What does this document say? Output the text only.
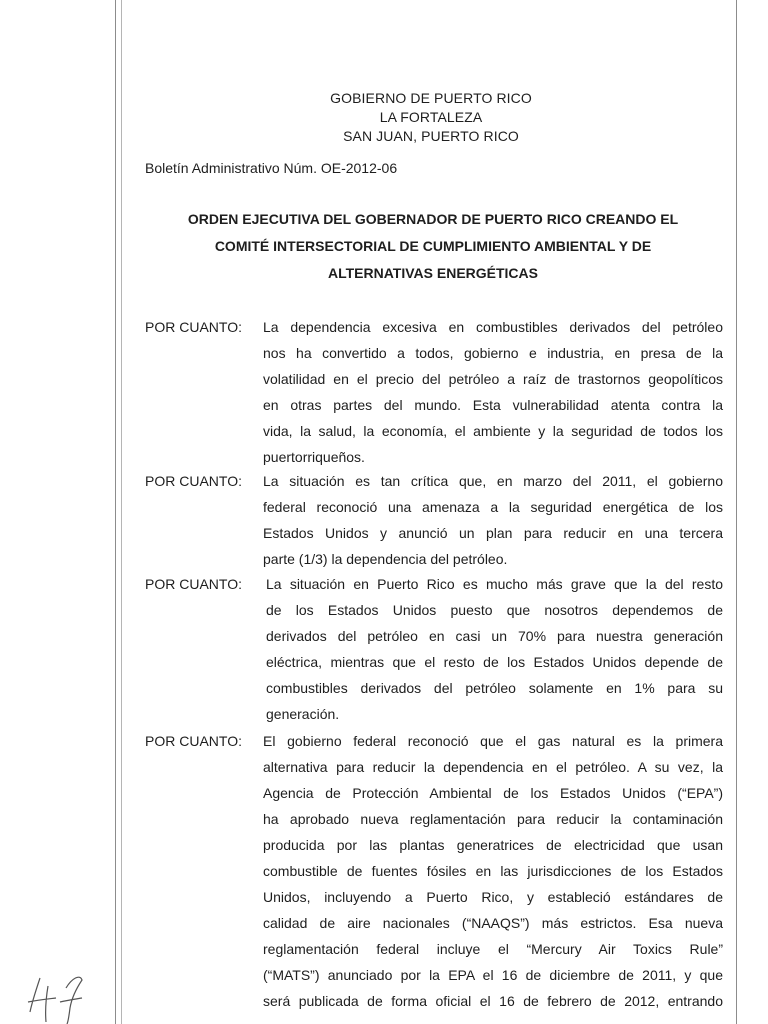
GOBIERNO DE PUERTO RICO
LA FORTALEZA
SAN JUAN, PUERTO RICO
Boletín Administrativo Núm. OE-2012-06
ORDEN EJECUTIVA DEL GOBERNADOR DE PUERTO RICO CREANDO EL
COMITÉ INTERSECTORIAL DE CUMPLIMIENTO AMBIENTAL Y DE
ALTERNATIVAS ENERGÉTICAS
POR CUANTO: La dependencia excesiva en combustibles derivados del petróleo
nos ha convertido a todos, gobierno e industria, en presa de la
volatilidad en el precio del petróleo a raíz de trastornos geopolíticos
en otras partes del mundo. Esta vulnerabilidad atenta contra la
vida, la salud, la economía, el ambiente y la seguridad de todos los
puertorriqueños.
POR CUANTO: La situación es tan crítica que, en marzo del 2011, el gobierno
federal reconoció una amenaza a la seguridad energética de los
Estados Unidos y anunció un plan para reducir en una tercera
parte (1/3) la dependencia del petróleo.
POR CUANTO: La situación en Puerto Rico es mucho más grave que la del resto
de los Estados Unidos puesto que nosotros dependemos de
derivados del petróleo en casi un 70% para nuestra generación
eléctrica, mientras que el resto de los Estados Unidos depende de
combustibles derivados del petróleo solamente en 1% para su
generación.
POR CUANTO: El gobierno federal reconoció que el gas natural es la primera
alternativa para reducir la dependencia en el petróleo. A su vez, la
Agencia de Protección Ambiental de los Estados Unidos (“EPA”)
ha aprobado nueva reglamentación para reducir la contaminación
producida por las plantas generatrices de electricidad que usan
combustible de fuentes fósiles en las jurisdicciones de los Estados
Unidos, incluyendo a Puerto Rico, y estableció estándares de
calidad de aire nacionales (“NAAQS”) más estrictos. Esa nueva
reglamentación federal incluye el “Mercury Air Toxics Rule”
(“MATS”) anunciado por la EPA el 16 de diciembre de 2011, y que
será publicada de forma oficial el 16 de febrero de 2012, entrando
